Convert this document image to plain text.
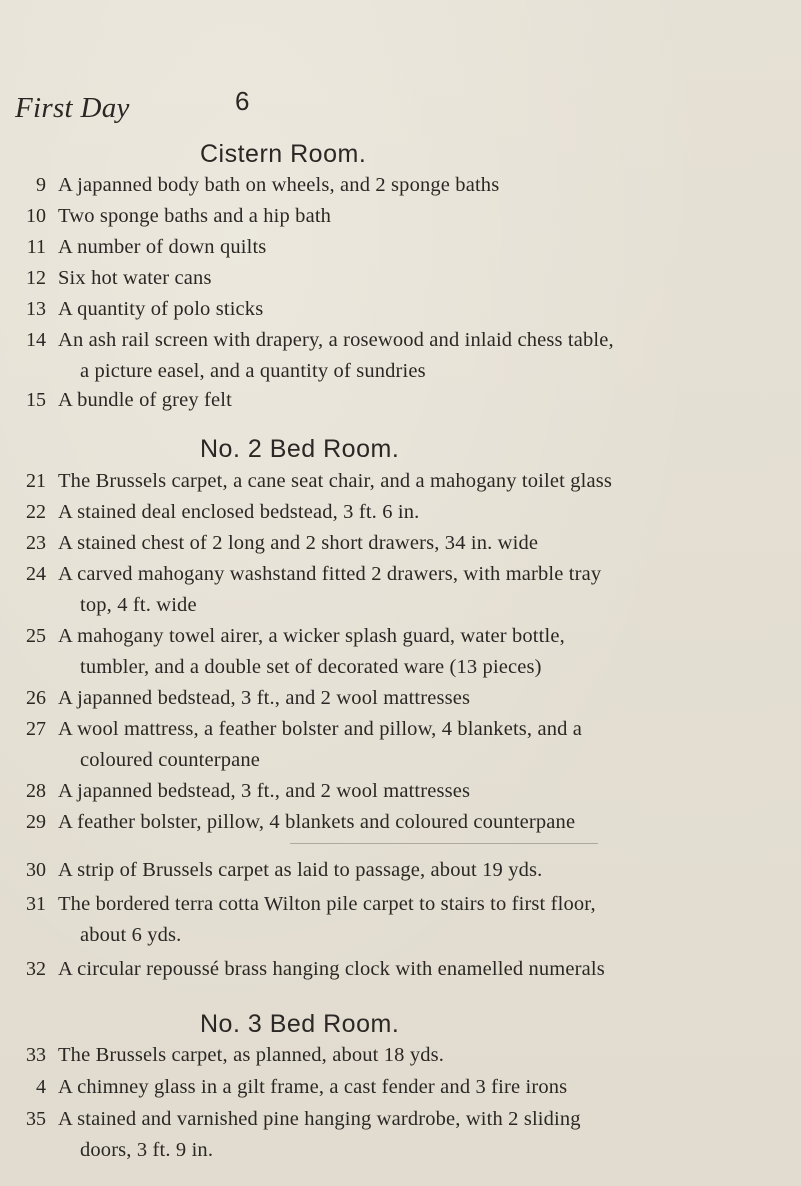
First Day	6
Cistern Room.
9 A japanned body bath on wheels, and 2 sponge baths
10 Two sponge baths and a hip bath
11 A number of down quilts
12 Six hot water cans
13 A quantity of polo sticks
14 An ash rail screen with drapery, a rosewood and inlaid chess table,
a picture easel, and a quantity of sundries
15 A bundle of grey felt
No. 2 Bed Room.
21 The Brussels carpet, a cane seat chair, and a mahogany toilet glass
22 A stained deal enclosed bedstead, 3 ft. 6 in.
23 A stained chest of 2 long and 2 short drawers, 34 in. wide
24 A carved mahogany washstand fitted 2 drawers, with marble tray
top, 4 ft. wide
25 A mahogany towel airer, a wicker splash guard, water bottle,
tumbler, and a double set of decorated ware (13 pieces)
26 A japanned bedstead, 3 ft., and 2 wool mattresses
27 A wool mattress, a feather bolster and pillow, 4 blankets, and a
coloured counterpane
28 A japanned bedstead, 3 ft., and 2 wool mattresses
29 A feather bolster, pillow, 4 blankets and coloured counterpane
30 A strip of Brussels carpet as laid to passage, about 19 yds.
31 The bordered terra cotta Wilton pile carpet to stairs to first floor,
about 6 yds.
32 A circular repoussé brass hanging clock with enamelled numerals
No. 3 Bed Room.
33 The Brussels carpet, as planned, about 18 yds.
4 A chimney glass in a gilt frame, a cast fender and 3 fire irons
35 A stained and varnished pine hanging wardrobe, with 2 sliding
doors, 3 ft. 9 in.
